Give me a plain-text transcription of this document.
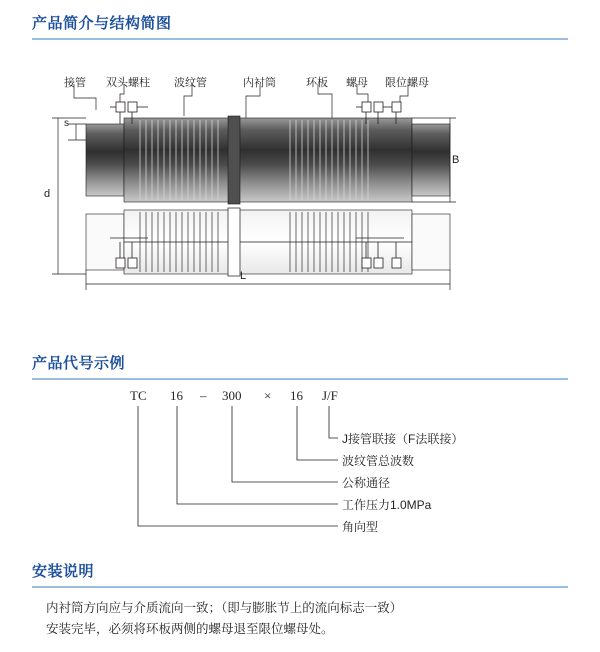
产品简介与结构简图
接管 双头螺柱 波纹管	内衬筒	环板 螺母 限位螺母
s
d
B
L
产品代号示例
TC 16 – 300 × 16 J/F
J接管联接（F法联接）
波纹管总波数
公称通径
工作压力1.0MPa
角向型
安装说明
内衬筒方向应与介质流向一致；（即与膨胀节上的流向标志一致）
安装完毕，必须将环板两侧的螺母退至限位螺母处。
